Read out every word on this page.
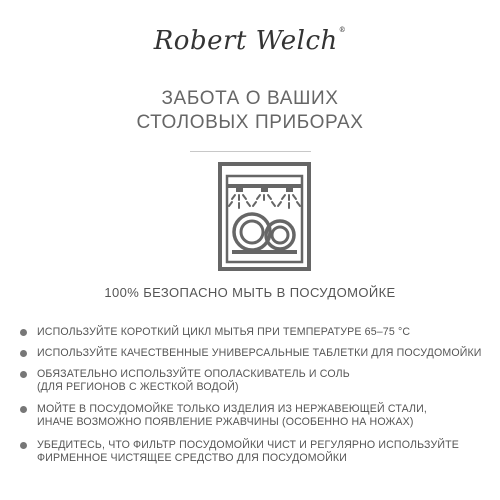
Robert Welch®
ЗАБОТА О ВАШИХ
СТОЛОВЫХ ПРИБОРАХ
100% БЕЗОПАСНО МЫТЬ В ПОСУДОМОЙКЕ
ИСПОЛЬЗУЙТЕ КОРОТКИЙ ЦИКЛ МЫТЬЯ ПРИ ТЕМПЕРАТУРЕ 65–75 °C
ИСПОЛЬЗУЙТЕ КАЧЕСТВЕННЫЕ УНИВЕРСАЛЬНЫЕ ТАБЛЕТКИ ДЛЯ ПОСУДОМОЙКИ
ОБЯЗАТЕЛЬНО ИСПОЛЬЗУЙТЕ ОПОЛАСКИВАТЕЛЬ И СОЛЬ
(ДЛЯ РЕГИОНОВ С ЖЕСТКОЙ ВОДОЙ)
МОЙТЕ В ПОСУДОМОЙКЕ ТОЛЬКО ИЗДЕЛИЯ ИЗ НЕРЖАВЕЮЩЕЙ СТАЛИ,
ИНАЧЕ ВОЗМОЖНО ПОЯВЛЕНИЕ РЖАВЧИНЫ (ОСОБЕННО НА НОЖАХ)
УБЕДИТЕСЬ, ЧТО ФИЛЬТР ПОСУДОМОЙКИ ЧИСТ И РЕГУЛЯРНО ИСПОЛЬЗУЙТЕ
ФИРМЕННОЕ ЧИСТЯЩЕЕ СРЕДСТВО ДЛЯ ПОСУДОМОЙКИ
